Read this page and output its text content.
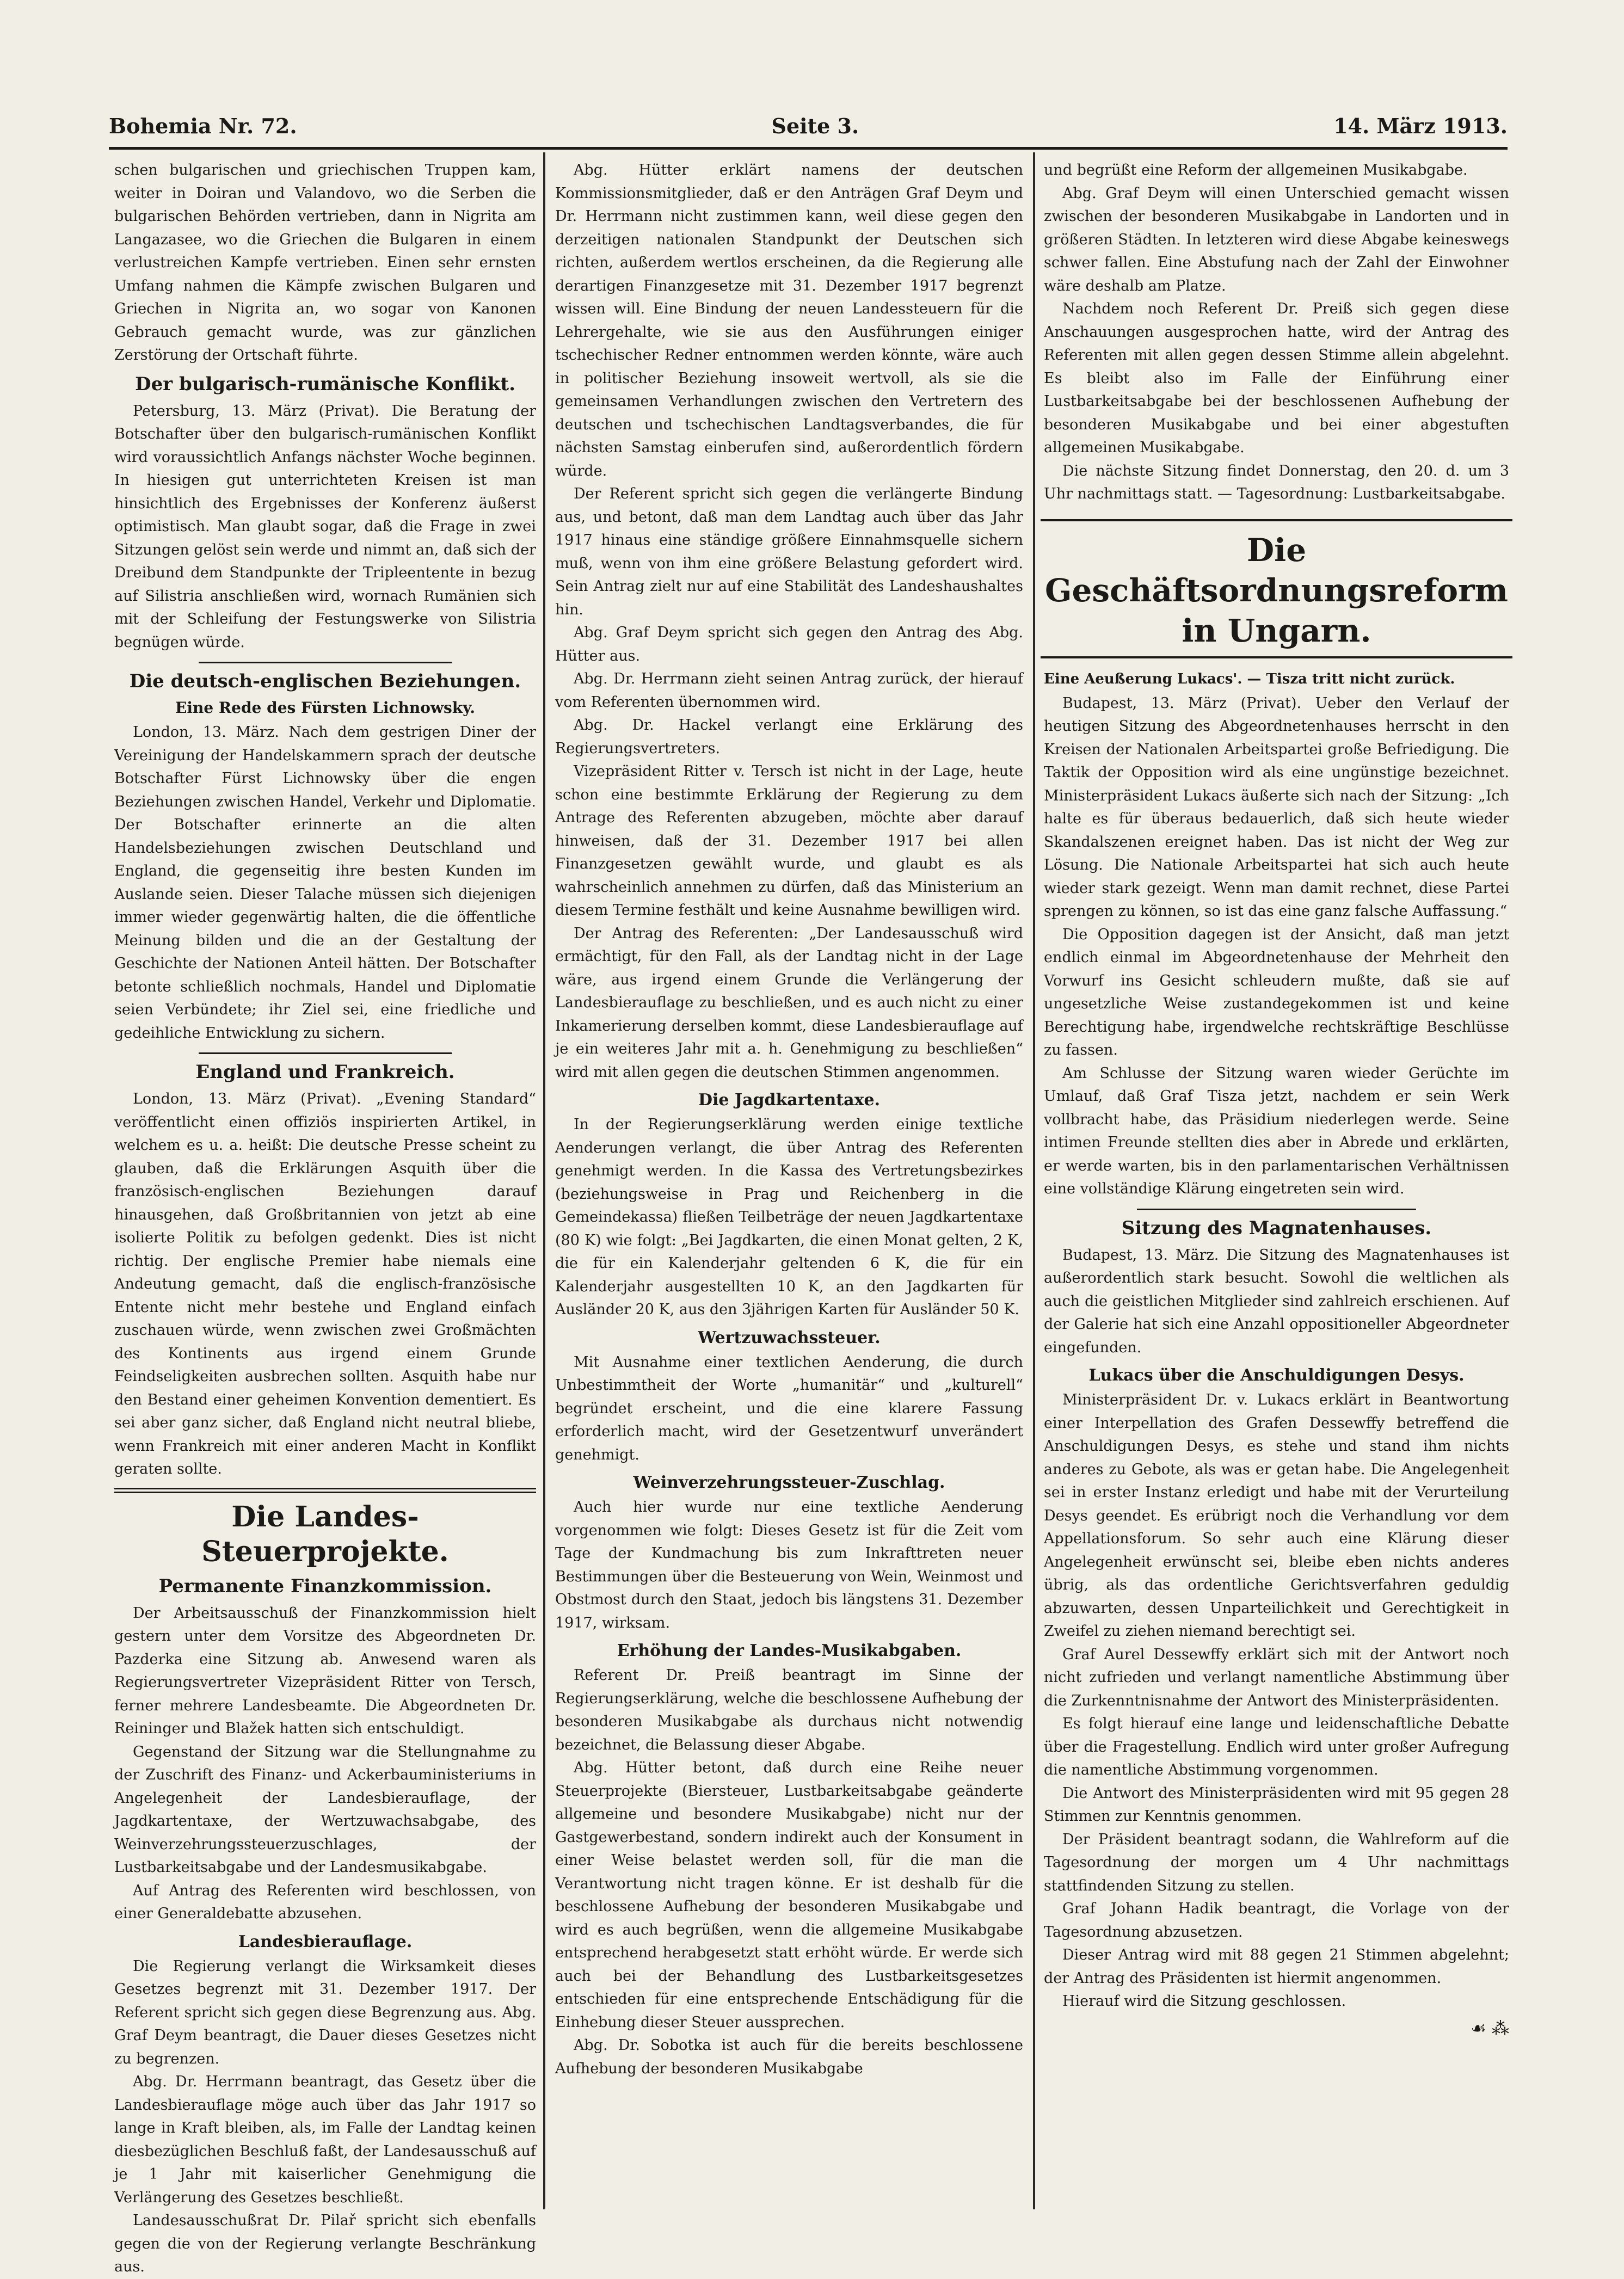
Bohemia Nr. 72.	Seite 3.	14. März 1913.

schen bulgarischen und griechischen Truppen kam, weiter in Doiran und Valandovo, wo die Serben die bulgarischen Behörden vertrieben, dann in Nigrita am Langazasee, wo die Griechen die Bulgaren in einem verlustreichen Kampfe vertrieben. Einen sehr ernsten Umfang nahmen die Kämpfe zwischen Bulgaren und Griechen in Nigrita an, wo sogar von Kanonen Gebrauch gemacht wurde, was zur gänzlichen Zerstörung der Ortschaft führte.

Der bulgarisch-rumänische Konflikt.

Petersburg, 13. März (Privat). Die Beratung der Botschafter über den bulgarisch-rumänischen Konflikt wird voraussichtlich Anfangs nächster Woche beginnen. In hiesigen gut unterrichteten Kreisen ist man hinsichtlich des Ergebnisses der Konferenz äußerst optimistisch. Man glaubt sogar, daß die Frage in zwei Sitzungen gelöst sein werde und nimmt an, daß sich der Dreibund dem Standpunkte der Tripleentente in bezug auf Silistria anschließen wird, wornach Rumänien sich mit der Schleifung der Festungswerke von Silistria begnügen würde.

Die deutsch-englischen Beziehungen.
Eine Rede des Fürsten Lichnowsky.

London, 13. März. Nach dem gestrigen Diner der Vereinigung der Handelskammern sprach der deutsche Botschafter Fürst Lichnowsky über die engen Beziehungen zwischen Handel, Verkehr und Diplomatie. Der Botschafter erinnerte an die alten Handelsbeziehungen zwischen Deutschland und England, die gegenseitig ihre besten Kunden im Auslande seien. Dieser Talache müssen sich diejenigen immer wieder gegenwärtig halten, die die öffentliche Meinung bilden und die an der Gestaltung der Geschichte der Nationen Anteil hätten. Der Botschafter betonte schließlich nochmals, Handel und Diplomatie seien Verbündete; ihr Ziel sei, eine friedliche und gedeihliche Entwicklung zu sichern.

England und Frankreich.

London, 13. März (Privat). „Evening Standard“ veröffentlicht einen offiziös inspirierten Artikel, in welchem es u. a. heißt: Die deutsche Presse scheint zu glauben, daß die Erklärungen Asquith über die französisch-englischen Beziehungen darauf hinausgehen, daß Großbritannien von jetzt ab eine isolierte Politik zu befolgen gedenkt. Dies ist nicht richtig. Der englische Premier habe niemals eine Andeutung gemacht, daß die englisch-französische Entente nicht mehr bestehe und England einfach zuschauen würde, wenn zwischen zwei Großmächten des Kontinents aus irgend einem Grunde Feindseligkeiten ausbrechen sollten. Asquith habe nur den Bestand einer geheimen Konvention dementiert. Es sei aber ganz sicher, daß England nicht neutral bliebe, wenn Frankreich mit einer anderen Macht in Konflikt geraten sollte.

Die Landes-Steuerprojekte.
Permanente Finanzkommission.

Der Arbeitsausschuß der Finanzkommission hielt gestern unter dem Vorsitze des Abgeordneten Dr. Pazderka eine Sitzung ab. Anwesend waren als Regierungsvertreter Vizepräsident Ritter von Tersch, ferner mehrere Landesbeamte. Die Abgeordneten Dr. Reininger und Blažek hatten sich entschuldigt.

Gegenstand der Sitzung war die Stellungnahme zu der Zuschrift des Finanz- und Ackerbauministeriums in Angelegenheit der Landesbierauflage, der Jagdkartentaxe, der Wertzuwachsabgabe, des Weinverzehrungssteuerzuschlages, der Lustbarkeitsabgabe und der Landesmusikabgabe.

Auf Antrag des Referenten wird beschlossen, von einer Generaldebatte abzusehen.

Landesbierauflage.

Die Regierung verlangt die Wirksamkeit dieses Gesetzes begrenzt mit 31. Dezember 1917. Der Referent spricht sich gegen diese Begrenzung aus. Abg. Graf Deym beantragt, die Dauer dieses Gesetzes nicht zu begrenzen.

Abg. Dr. Herrmann beantragt, das Gesetz über die Landesbierauflage möge auch über das Jahr 1917 so lange in Kraft bleiben, als, im Falle der Landtag keinen diesbezüglichen Beschluß faßt, der Landesausschuß auf je 1 Jahr mit kaiserlicher Genehmigung die Verlängerung des Gesetzes beschließt.

Landesausschußrat Dr. Pilař spricht sich ebenfalls gegen die von der Regierung verlangte Beschränkung aus.

Abg. Hütter erklärt namens der deutschen Kommissionsmitglieder, daß er den Anträgen Graf Deym und Dr. Herrmann nicht zustimmen kann, weil diese gegen den derzeitigen nationalen Standpunkt der Deutschen sich richten, außerdem wertlos erscheinen, da die Regierung alle derartigen Finanzgesetze mit 31. Dezember 1917 begrenzt wissen will. Eine Bindung der neuen Landessteuern für die Lehrergehalte, wie sie aus den Ausführungen einiger tschechischer Redner entnommen werden könnte, wäre auch in politischer Beziehung insoweit wertvoll, als sie die gemeinsamen Verhandlungen zwischen den Vertretern des deutschen und tschechischen Landtagsverbandes, die für nächsten Samstag einberufen sind, außerordentlich fördern würde.

Der Referent spricht sich gegen die verlängerte Bindung aus, und betont, daß man dem Landtag auch über das Jahr 1917 hinaus eine ständige größere Einnahmsquelle sichern muß, wenn von ihm eine größere Belastung gefordert wird. Sein Antrag zielt nur auf eine Stabilität des Landeshaushaltes hin.

Abg. Graf Deym spricht sich gegen den Antrag des Abg. Hütter aus.

Abg. Dr. Herrmann zieht seinen Antrag zurück, der hierauf vom Referenten übernommen wird.

Abg. Dr. Hackel verlangt eine Erklärung des Regierungsvertreters.

Vizepräsident Ritter v. Tersch ist nicht in der Lage, heute schon eine bestimmte Erklärung der Regierung zu dem Antrage des Referenten abzugeben, möchte aber darauf hinweisen, daß der 31. Dezember 1917 bei allen Finanzgesetzen gewählt wurde, und glaubt es als wahrscheinlich annehmen zu dürfen, daß das Ministerium an diesem Termine festhält und keine Ausnahme bewilligen wird.

Der Antrag des Referenten: „Der Landesausschuß wird ermächtigt, für den Fall, als der Landtag nicht in der Lage wäre, aus irgend einem Grunde die Verlängerung der Landesbierauflage zu beschließen, und es auch nicht zu einer Inkamerierung derselben kommt, diese Landesbierauflage auf je ein weiteres Jahr mit a. h. Genehmigung zu beschließen“ wird mit allen gegen die deutschen Stimmen angenommen.

Die Jagdkartentaxe.

In der Regierungserklärung werden einige textliche Aenderungen verlangt, die über Antrag des Referenten genehmigt werden. In die Kassa des Vertretungsbezirkes (beziehungsweise in Prag und Reichenberg in die Gemeindekassa) fließen Teilbeträge der neuen Jagdkartentaxe (80 K) wie folgt: „Bei Jagdkarten, die einen Monat gelten, 2 K, die für ein Kalenderjahr geltenden 6 K, die für ein Kalenderjahr ausgestellten 10 K, an den Jagdkarten für Ausländer 20 K, aus den 3jährigen Karten für Ausländer 50 K.

Wertzuwachssteuer.

Mit Ausnahme einer textlichen Aenderung, die durch Unbestimmtheit der Worte „humanitär“ und „kulturell“ begründet erscheint, und die eine klarere Fassung erforderlich macht, wird der Gesetzentwurf unverändert genehmigt.

Weinverzehrungssteuer-Zuschlag.

Auch hier wurde nur eine textliche Aenderung vorgenommen wie folgt: Dieses Gesetz ist für die Zeit vom Tage der Kundmachung bis zum Inkrafttreten neuer Bestimmungen über die Besteuerung von Wein, Weinmost und Obstmost durch den Staat, jedoch bis längstens 31. Dezember 1917, wirksam.

Erhöhung der Landes-Musikabgaben.

Referent Dr. Preiß beantragt im Sinne der Regierungserklärung, welche die beschlossene Aufhebung der besonderen Musikabgabe als durchaus nicht notwendig bezeichnet, die Belassung dieser Abgabe.

Abg. Hütter betont, daß durch eine Reihe neuer Steuerprojekte (Biersteuer, Lustbarkeitsabgabe geänderte allgemeine und besondere Musikabgabe) nicht nur der Gastgewerbestand, sondern indirekt auch der Konsument in einer Weise belastet werden soll, für die man die Verantwortung nicht tragen könne. Er ist deshalb für die beschlossene Aufhebung der besonderen Musikabgabe und wird es auch begrüßen, wenn die allgemeine Musikabgabe entsprechend herabgesetzt statt erhöht würde. Er werde sich auch bei der Behandlung des Lustbarkeitsgesetzes entschieden für eine entsprechende Entschädigung für die Einhebung dieser Steuer aussprechen.

Abg. Dr. Sobotka ist auch für die bereits beschlossene Aufhebung der besonderen Musikabgabe

und begrüßt eine Reform der allgemeinen Musikabgabe.

Abg. Graf Deym will einen Unterschied gemacht wissen zwischen der besonderen Musikabgabe in Landorten und in größeren Städten. In letzteren wird diese Abgabe keineswegs schwer fallen. Eine Abstufung nach der Zahl der Einwohner wäre deshalb am Platze.

Nachdem noch Referent Dr. Preiß sich gegen diese Anschauungen ausgesprochen hatte, wird der Antrag des Referenten mit allen gegen dessen Stimme allein abgelehnt. Es bleibt also im Falle der Einführung einer Lustbarkeitsabgabe bei der beschlossenen Aufhebung der besonderen Musikabgabe und bei einer abgestuften allgemeinen Musikabgabe.

Die nächste Sitzung findet Donnerstag, den 20. d. um 3 Uhr nachmittags statt. — Tagesordnung: Lustbarkeitsabgabe.

Die Geschäftsordnungsreform
in Ungarn.
Eine Aeußerung Lukacs'. — Tisza tritt nicht zurück.

Budapest, 13. März (Privat). Ueber den Verlauf der heutigen Sitzung des Abgeordnetenhauses herrscht in den Kreisen der Nationalen Arbeitspartei große Befriedigung. Die Taktik der Opposition wird als eine ungünstige bezeichnet. Ministerpräsident Lukacs äußerte sich nach der Sitzung: „Ich halte es für überaus bedauerlich, daß sich heute wieder Skandalszenen ereignet haben. Das ist nicht der Weg zur Lösung. Die Nationale Arbeitspartei hat sich auch heute wieder stark gezeigt. Wenn man damit rechnet, diese Partei sprengen zu können, so ist das eine ganz falsche Auffassung.“

Die Opposition dagegen ist der Ansicht, daß man jetzt endlich einmal im Abgeordnetenhause der Mehrheit den Vorwurf ins Gesicht schleudern mußte, daß sie auf ungesetzliche Weise zustandegekommen ist und keine Berechtigung habe, irgendwelche rechtskräftige Beschlüsse zu fassen.

Am Schlusse der Sitzung waren wieder Gerüchte im Umlauf, daß Graf Tisza jetzt, nachdem er sein Werk vollbracht habe, das Präsidium niederlegen werde. Seine intimen Freunde stellten dies aber in Abrede und erklärten, er werde warten, bis in den parlamentarischen Verhältnissen eine vollständige Klärung eingetreten sein wird.

Sitzung des Magnatenhauses.

Budapest, 13. März. Die Sitzung des Magnatenhauses ist außerordentlich stark besucht. Sowohl die weltlichen als auch die geistlichen Mitglieder sind zahlreich erschienen. Auf der Galerie hat sich eine Anzahl oppositioneller Abgeordneter eingefunden.

Lukacs über die Anschuldigungen Desys.

Ministerpräsident Dr. v. Lukacs erklärt in Beantwortung einer Interpellation des Grafen Dessewffy betreffend die Anschuldigungen Desys, es stehe und stand ihm nichts anderes zu Gebote, als was er getan habe. Die Angelegenheit sei in erster Instanz erledigt und habe mit der Verurteilung Desys geendet. Es erübrigt noch die Verhandlung vor dem Appellationsforum. So sehr auch eine Klärung dieser Angelegenheit erwünscht sei, bleibe eben nichts anderes übrig, als das ordentliche Gerichtsverfahren geduldig abzuwarten, dessen Unparteilichkeit und Gerechtigkeit in Zweifel zu ziehen niemand berechtigt sei.

Graf Aurel Dessewffy erklärt sich mit der Antwort noch nicht zufrieden und verlangt namentliche Abstimmung über die Zurkenntnisnahme der Antwort des Ministerpräsidenten.

Es folgt hierauf eine lange und leidenschaftliche Debatte über die Fragestellung. Endlich wird unter großer Aufregung die namentliche Abstimmung vorgenommen.

Die Antwort des Ministerpräsidenten wird mit 95 gegen 28 Stimmen zur Kenntnis genommen.

Der Präsident beantragt sodann, die Wahlreform auf die Tagesordnung der morgen um 4 Uhr nachmittags stattfindenden Sitzung zu stellen.

Graf Johann Hadik beantragt, die Vorlage von der Tagesordnung abzusetzen.

Dieser Antrag wird mit 88 gegen 21 Stimmen abgelehnt; der Antrag des Präsidenten ist hiermit angenommen.

Hierauf wird die Sitzung geschlossen.

☙ ⁂
